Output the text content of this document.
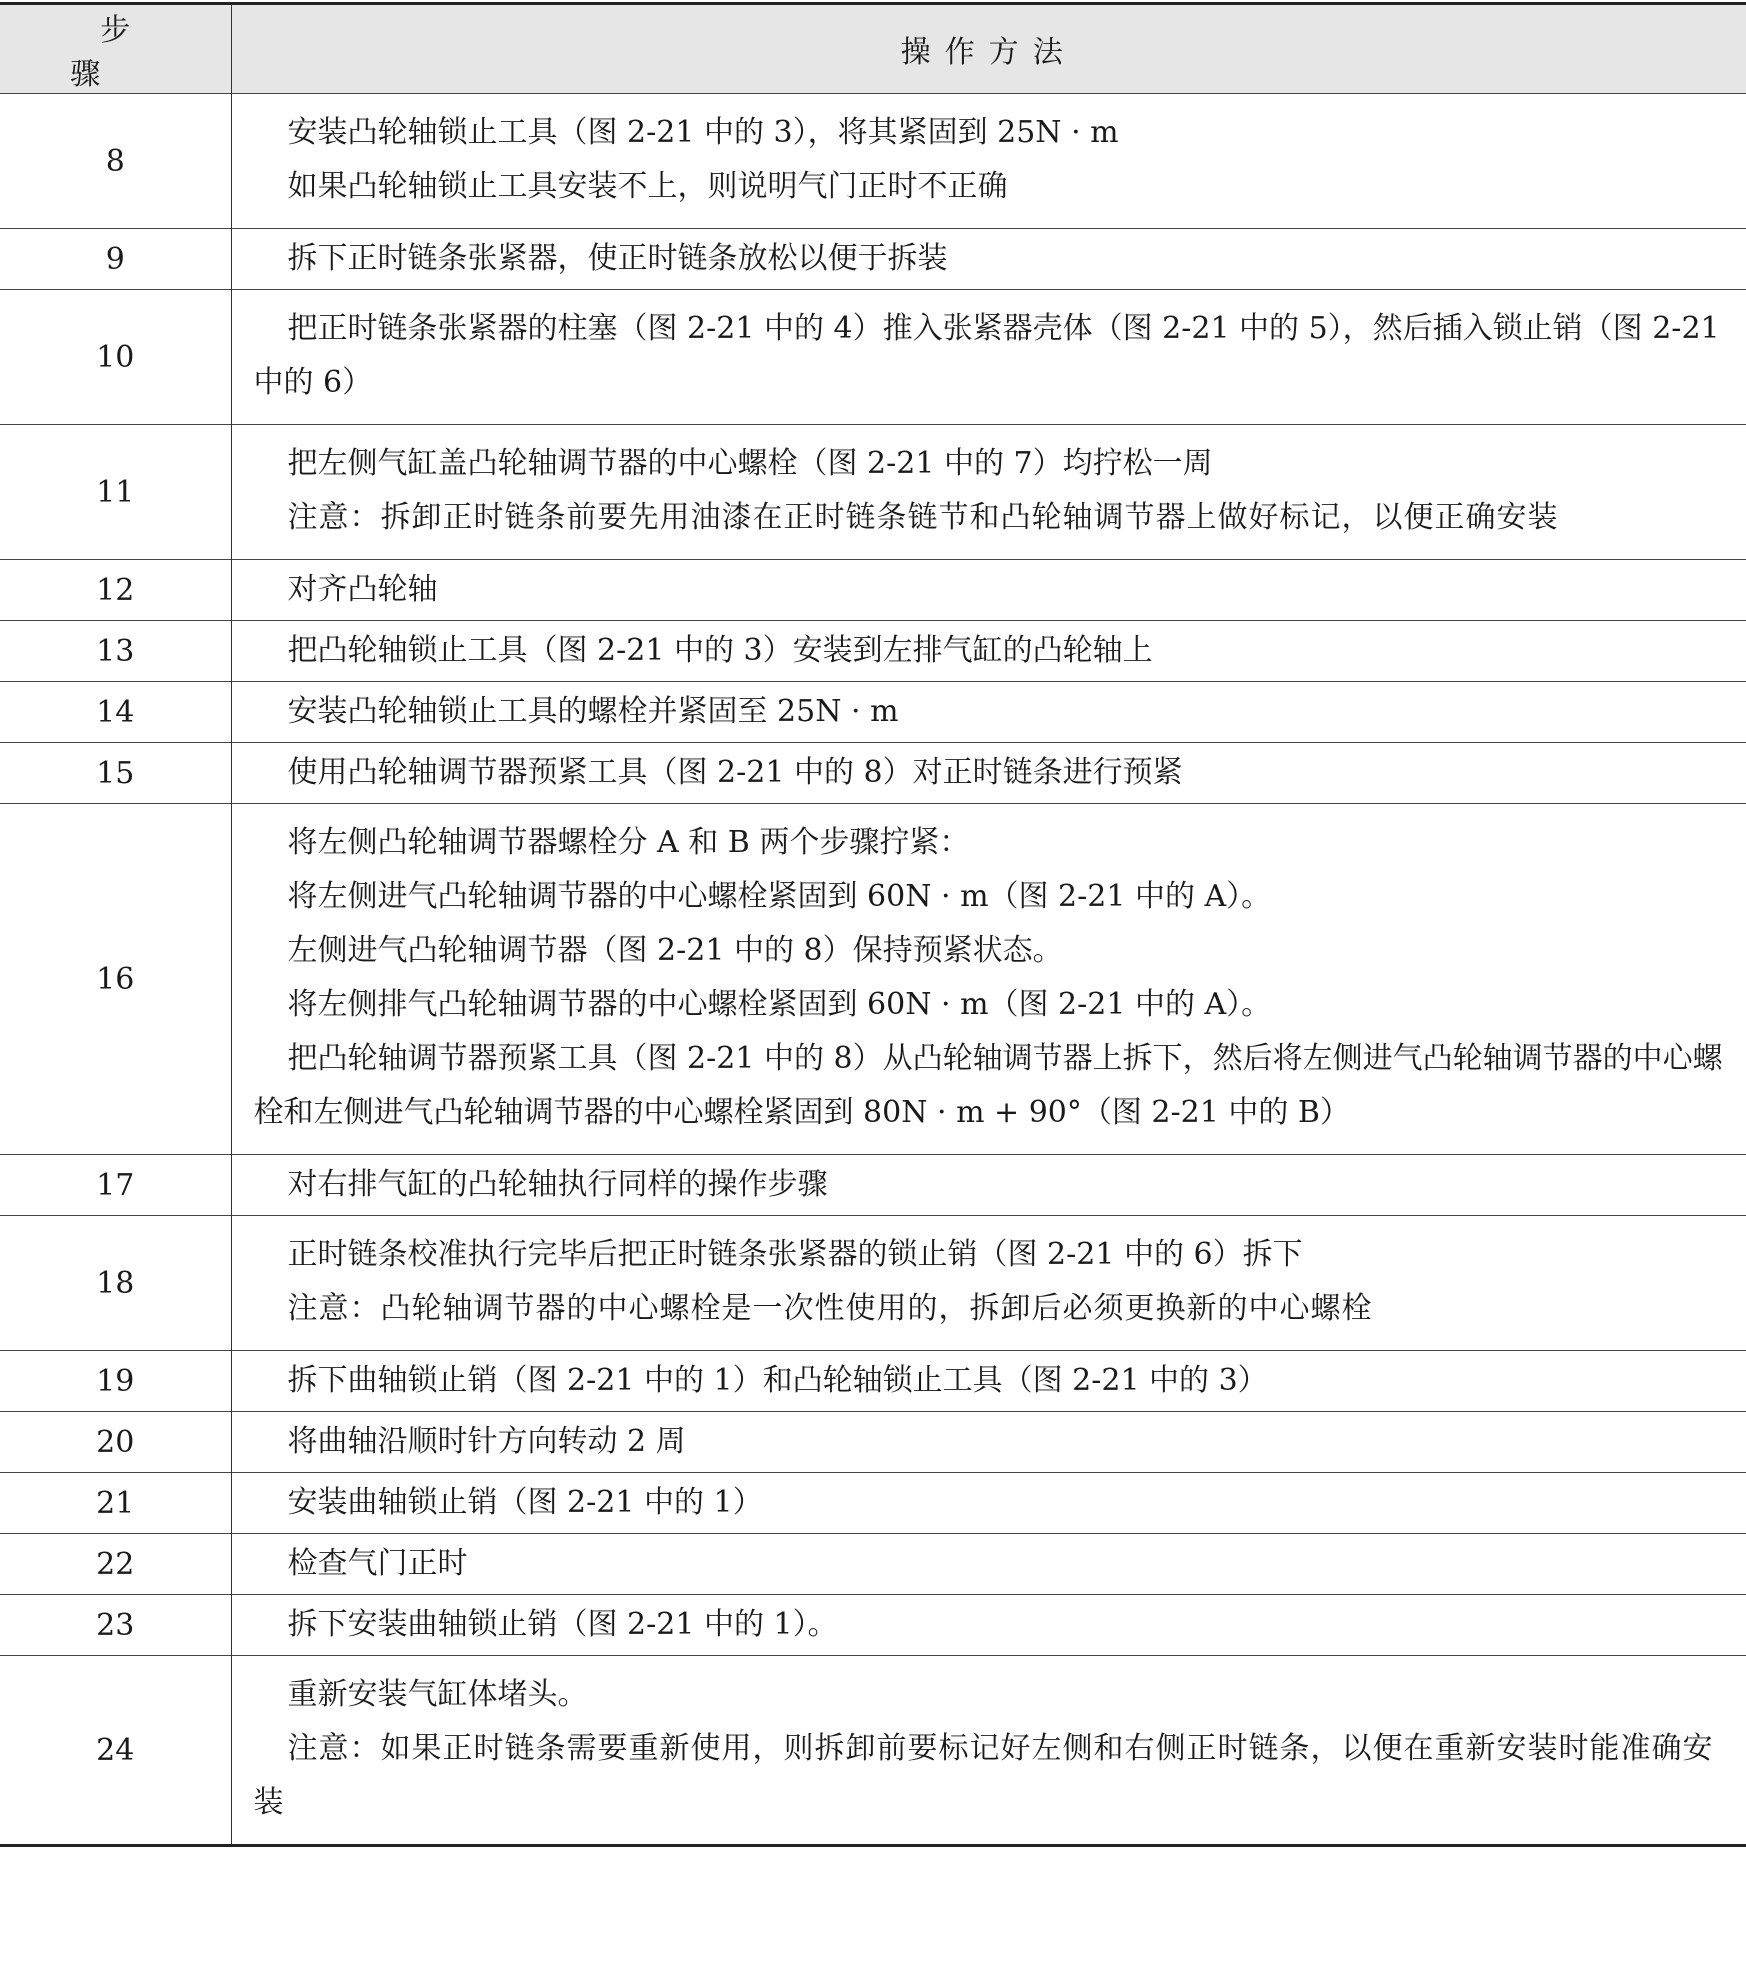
步骤	操作方法
8	安装凸轮轴锁止工具（图 2-21 中的 3），将其紧固到 25N · m
如果凸轮轴锁止工具安装不上，则说明气门正时不正确

9	拆下正时链条张紧器，使正时链条放松以便于拆装

10	把正时链条张紧器的柱塞（图 2-21 中的 4）推入张紧器壳体（图 2-21 中的 5），然后插入锁止销（图 2-21 中的 6）

11	把左侧气缸盖凸轮轴调节器的中心螺栓（图 2-21 中的 7）均拧松一周
注意：拆卸正时链条前要先用油漆在正时链条链节和凸轮轴调节器上做好标记，以便正确安装

12	对齐凸轮轴

13	把凸轮轴锁止工具（图 2-21 中的 3）安装到左排气缸的凸轮轴上

14	安装凸轮轴锁止工具的螺栓并紧固至 25N · m

15	使用凸轮轴调节器预紧工具（图 2-21 中的 8）对正时链条进行预紧

16	将左侧凸轮轴调节器螺栓分 A 和 B 两个步骤拧紧：
将左侧进气凸轮轴调节器的中心螺栓紧固到 60N · m（图 2-21 中的 A）。
左侧进气凸轮轴调节器（图 2-21 中的 8）保持预紧状态。
将左侧排气凸轮轴调节器的中心螺栓紧固到 60N · m（图 2-21 中的 A）。
把凸轮轴调节器预紧工具（图 2-21 中的 8）从凸轮轴调节器上拆下，然后将左侧进气凸轮轴调节器的中心螺栓和左侧进气凸轮轴调节器的中心螺栓紧固到 80N · m + 90°（图 2-21 中的 B）

17	对右排气缸的凸轮轴执行同样的操作步骤

18	正时链条校准执行完毕后把正时链条张紧器的锁止销（图 2-21 中的 6）拆下
注意：凸轮轴调节器的中心螺栓是一次性使用的，拆卸后必须更换新的中心螺栓

19	拆下曲轴锁止销（图 2-21 中的 1）和凸轮轴锁止工具（图 2-21 中的 3）

20	将曲轴沿顺时针方向转动 2 周

21	安装曲轴锁止销（图 2-21 中的 1）

22	检查气门正时

23	拆下安装曲轴锁止销（图 2-21 中的 1）。

24	重新安装气缸体堵头。
注意：如果正时链条需要重新使用，则拆卸前要标记好左侧和右侧正时链条，以便在重新安装时能准确安装
